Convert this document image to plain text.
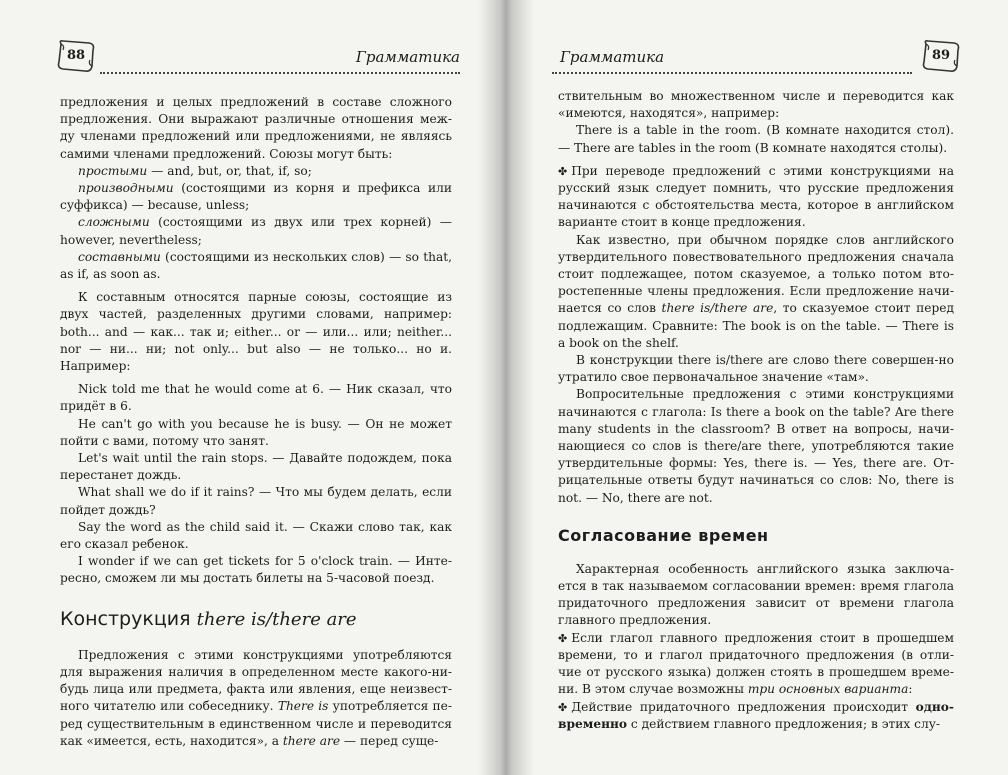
88	Грамматика

предложения и целых предложений в составе сложного предложения. Они выражают различные отношения меж-ду членами предложений или предложениями, не являясь самими членами предложений. Союзы могут быть:

простыми — and, but, or, that, if, so;

производными (состоящими из корня и префикса или суффикса) — because, unless;

сложными (состоящими из двух или трех корней) — however, nevertheless;

составными (состоящими из нескольких слов) — so that, as if, as soon as.

К составным относятся парные союзы, состоящие из двух частей, разделенных другими словами, например: both... and — как... так и; either... or — или... или; neither... nor — ни... ни; not only... but also — не только... но и. Например:

Nick told me that he would come at 6. — Ник сказал, что придёт в 6.

He can't go with you because he is busy. — Он не может пойти с вами, потому что занят.

Let's wait until the rain stops. — Давайте подождем, пока перестанет дождь.

What shall we do if it rains? — Что мы будем делать, если пойдет дождь?

Say the word as the child said it. — Скажи слово так, как его сказал ребенок.

I wonder if we can get tickets for 5 o'clock train. — Инте-ресно, сможем ли мы достать билеты на 5-часовой поезд.

Конструкция there is/there are

Предложения с этими конструкциями употребляются для выражения наличия в определенном месте какого-ни-будь лица или предмета, факта или явления, еще неизвест-ного читателю или собеседнику. There is употребляется пе-ред существительным в единственном числе и переводится как «имеется, есть, находится», а there are — перед суще-

Грамматика	89

ствительным во множественном числе и переводится как «имеются, находятся», например:

There is a table in the room. (В комнате находится стол). — There are tables in the room (В комнате находятся столы).

✤ При переводе предложений с этими конструкциями на русский язык следует помнить, что русские предложения начинаются с обстоятельства места, которое в английском варианте стоит в конце предложения.

Как известно, при обычном порядке слов английского утвердительного повествовательного предложения сначала стоит подлежащее, потом сказуемое, а только потом вто-ростепенные члены предложения. Если предложение начи-нается со слов there is/there are, то сказуемое стоит перед подлежащим. Сравните: The book is on the table. — There is a book on the shelf.

В конструкции there is/there are слово there совершен-но утратило свое первоначальное значение «там».

Вопросительные предложения с этими конструкциями начинаются с глагола: Is there a book on the table? Are there many students in the classroom? В ответ на вопросы, начи-нающиеся со слов is there/are there, употребляются такие утвердительные формы: Yes, there is. — Yes, there are. От-рицательные ответы будут начинаться со слов: No, there is not. — No, there are not.

Согласование времен

Характерная особенность английского языка заключа-ется в так называемом согласовании времен: время глагола придаточного предложения зависит от времени глагола главного предложения.

✤ Если глагол главного предложения стоит в прошедшем времени, то и глагол придаточного предложения (в отли-чие от русского языка) должен стоять в прошедшем време-ни. В этом случае возможны три основных варианта:

✤ Действие придаточного предложения происходит одно-временно с действием главного предложения; в этих слу-
